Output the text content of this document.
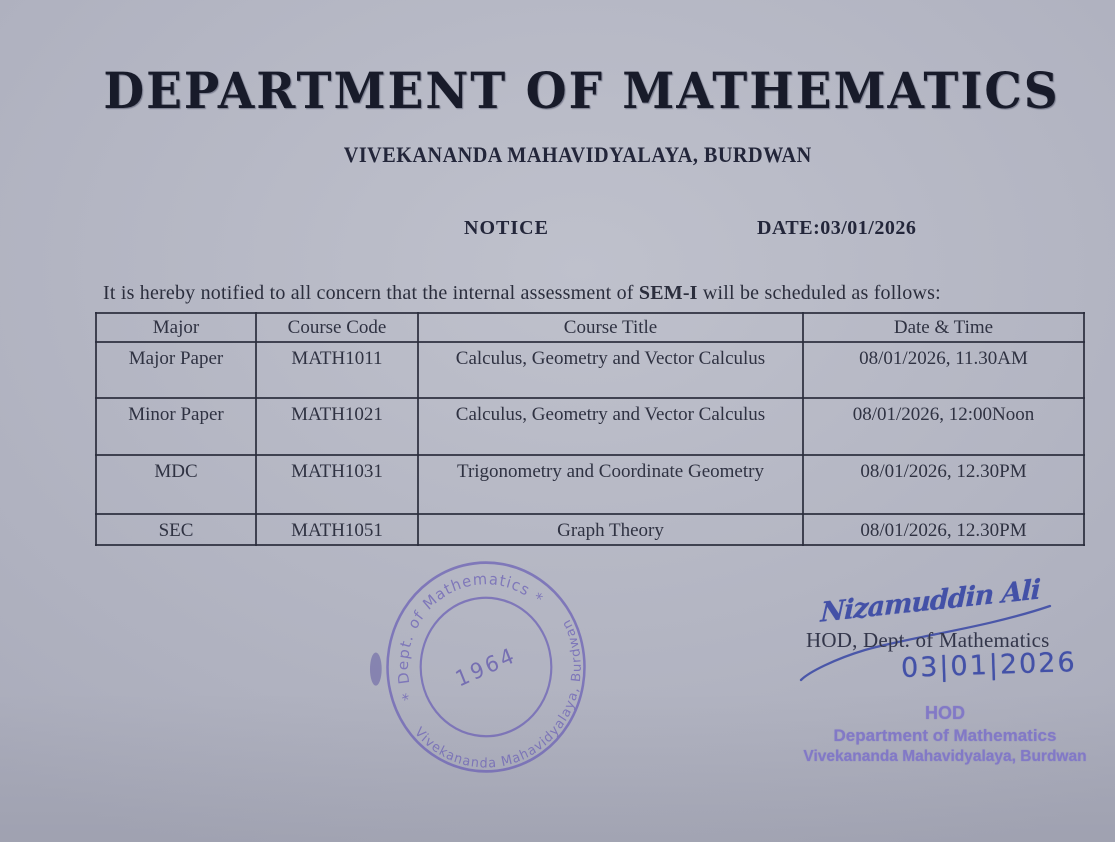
DEPARTMENT OF MATHEMATICS
VIVEKANANDA MAHAVIDYALAYA, BURDWAN
NOTICE	DATE:03/01/2026
It is hereby notified to all concern that the internal assessment of SEM-I will be scheduled as follows:
Major	Course Code	Course Title	Date & Time
Major Paper	MATH1011	Calculus, Geometry and Vector Calculus	08/01/2026, 11.30AM
Minor Paper	MATH1021	Calculus, Geometry and Vector Calculus	08/01/2026, 12:00Noon
MDC	MATH1031	Trigonometry and Coordinate Geometry	08/01/2026, 12.30PM
SEC	MATH1051	Graph Theory	08/01/2026, 12.30PM
* Dept. of Mathematics *
Vivekananda Mahavidyalaya, Burdwan
1964
Nizamuddin Ali
HOD, Dept. of Mathematics
03|01|2026
HOD
Department of Mathematics
Vivekananda Mahavidyalaya, Burdwan
